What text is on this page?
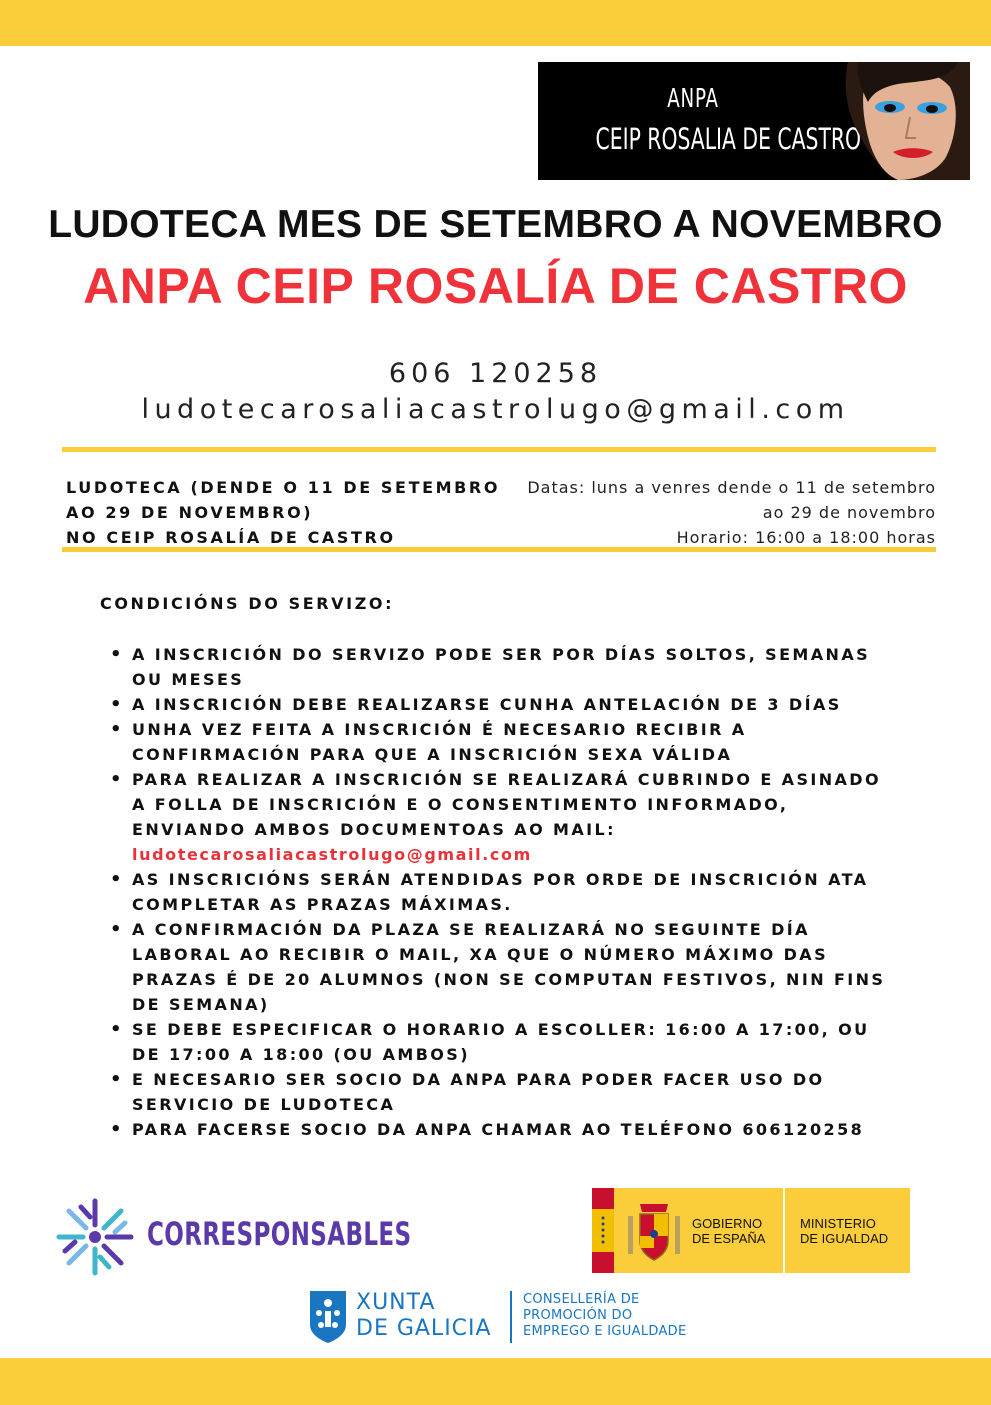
ANPA
CEIP ROSALIA DE CASTRO
LUDOTECA MES DE SETEMBRO A NOVEMBRO
ANPA CEIP ROSALÍA DE CASTRO
606 120258
ludotecarosaliacastrolugo@gmail.com
LUDOTECA (DENDE O 11 DE SETEMBRO
AO 29 DE NOVEMBRO)
NO CEIP ROSALÍA DE CASTRO
Datas: luns a venres dende o 11 de setembro
ao 29 de novembro
Horario: 16:00 a 18:00 horas
CONDICIÓNS DO SERVIZO:
• A INSCRICIÓN DO SERVIZO PODE SER POR DÍAS SOLTOS, SEMANAS OU MESES
• A INSCRICIÓN DEBE REALIZARSE CUNHA ANTELACIÓN DE 3 DÍAS
• UNHA VEZ FEITA A INSCRICIÓN É NECESARIO RECIBIR A CONFIRMACIÓN PARA QUE A INSCRICIÓN SEXA VÁLIDA
• PARA REALIZAR A INSCRICIÓN SE REALIZARÁ CUBRINDO E ASINADO A FOLLA DE INSCRICIÓN E O CONSENTIMENTO INFORMADO, ENVIANDO AMBOS DOCUMENTOAS AO MAIL:
ludotecarosaliacastrolugo@gmail.com
• AS INSCRICIÓNS SERÁN ATENDIDAS POR ORDE DE INSCRICIÓN ATA COMPLETAR AS PRAZAS MÁXIMAS.
• A CONFIRMACIÓN DA PLAZA SE REALIZARÁ NO SEGUINTE DÍA LABORAL AO RECIBIR O MAIL, XA QUE O NÚMERO MÁXIMO DAS PRAZAS É DE 20 ALUMNOS (NON SE COMPUTAN FESTIVOS, NIN FINS DE SEMANA)
• SE DEBE ESPECIFICAR O HORARIO A ESCOLLER: 16:00 A 17:00, OU DE 17:00 A 18:00 (OU AMBOS)
• E NECESARIO SER SOCIO DA ANPA PARA PODER FACER USO DO SERVICIO DE LUDOTECA
• PARA FACERSE SOCIO DA ANPA CHAMAR AO TELÉFONO 606120258
CORRESPONSABLES	GOBIERNO
DE ESPAÑA
MINISTERIO
DE IGUALDAD
XUNTA
DE GALICIA
CONSELLERÍA DE
PROMOCIÓN DO
EMPREGO E IGUALDADE
